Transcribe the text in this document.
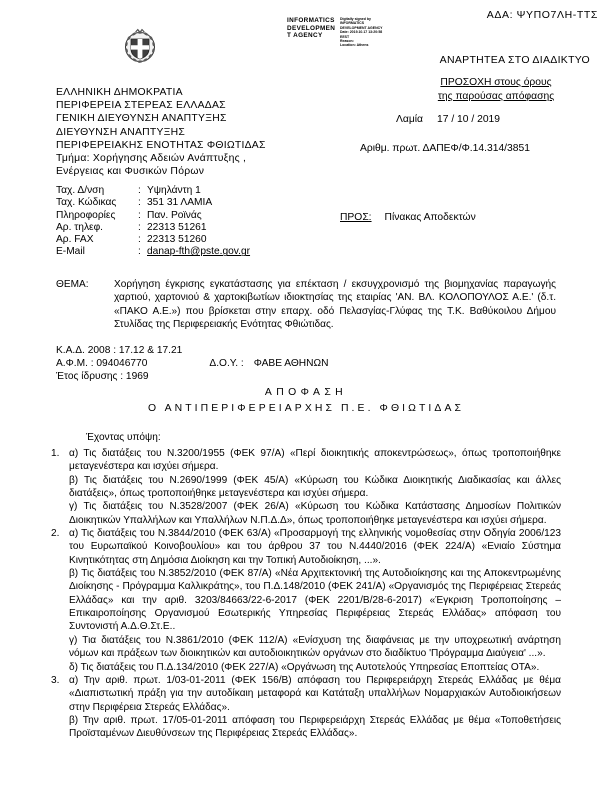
ΑΔΑ: ΨΥΠΟ7ΛΗ-ΤΤΣ
INFORMATICS
DEVELOPMEN
T AGENCY
Digitally signed by
INFORMATICS
DEVELOPMENT AGENCY
Date: 2019.10.17 13:20:58
EEST
Reason:
Location: Athens
ΑΝΑΡΤΗΤΕΑ ΣΤΟ ΔΙΑΔΙΚΤΥΟ
ΠΡΟΣΟΧΗ στους όρους
της παρούσας απόφασης
Λαμία 17 / 10 / 2019
Αριθμ. πρωτ. ΔΑΠΕΦ/Φ.14.314/3851
ΕΛΛΗΝΙΚΗ ΔΗΜΟΚΡΑΤΙΑ
ΠΕΡΙΦΕΡΕΙΑ ΣΤΕΡΕΑΣ ΕΛΛΑΔΑΣ
ΓΕΝΙΚΗ ΔΙΕΥΘΥΝΣΗ ΑΝΑΠΤΥΞΗΣ
ΔΙΕΥΘΥΝΣΗ ΑΝΑΠΤΥΞΗΣ
ΠΕΡΙΦΕΡΕΙΑΚΗΣ ΕΝΟΤΗΤΑΣ ΦΘΙΩΤΙΔΑΣ
Τμήμα: Χορήγησης Αδειών Ανάπτυξης ,
Ενέργειας και Φυσικών Πόρων
Ταχ. Δ/νση	:	Υψηλάντη 1
Ταχ. Κώδικας	:	351 31 ΛΑΜΙΑ
Πληροφορίες	:	Παν. Ροϊνάς
Αρ. τηλεφ.	:	22313 51261
Αρ. FAX	:	22313 51260
E-Mail	:	danap-fth@pste.gov.gr
ΠΡΟΣ: Πίνακας Αποδεκτών
ΘΕΜΑ:	Χορήγηση έγκρισης εγκατάστασης για επέκταση / εκσυγχρονισμό της βιομηχανίας παραγωγής χαρτιού, χαρτονιού & χαρτοκιβωτίων ιδιοκτησίας της εταιρίας 'ΑΝ. ΒΛ. ΚΟΛΟΠΟΥΛΟΣ Α.Ε.' (δ.τ. «ΠΑΚΟ Α.Ε.») που βρίσκεται στην επαρχ. οδό Πελασγίας-Γλύφας της Τ.Κ. Βαθύκοιλου Δήμου Στυλίδας της Περιφερειακής Ενότητας Φθιώτιδας.
Κ.Α.Δ. 2008 : 17.12 & 17.21
Α.Φ.Μ. : 094046770	Δ.Ο.Υ. : ΦΑΒΕ ΑΘΗΝΩΝ
Έτος ίδρυσης : 1969
ΑΠΟΦΑΣΗ
Ο ΑΝΤΙΠΕΡΙΦΕΡΕΙΑΡΧΗΣ Π.Ε. ΦΘΙΩΤΙΔΑΣ
Έχοντας υπόψη:
1. α) Τις διατάξεις του Ν.3200/1955 (ΦΕΚ 97/Α) «Περί διοικητικής αποκεντρώσεως», όπως τροποποιήθηκε μεταγενέστερα και ισχύει σήμερα.
β) Τις διατάξεις του Ν.2690/1999 (ΦΕΚ 45/Α) «Κύρωση του Κώδικα Διοικητικής Διαδικασίας και άλλες διατάξεις», όπως τροποποιήθηκε μεταγενέστερα και ισχύει σήμερα.
γ) Τις διατάξεις του Ν.3528/2007 (ΦΕΚ 26/Α) «Κύρωση του Κώδικα Κατάστασης Δημοσίων Πολιτικών Διοικητικών Υπαλλήλων και Υπαλλήλων Ν.Π.Δ.Δ», όπως τροποποιήθηκε μεταγενέστερα και ισχύει σήμερα.
2. α) Τις διατάξεις του Ν.3844/2010 (ΦΕΚ 63/Α) «Προσαρμογή της ελληνικής νομοθεσίας στην Οδηγία 2006/123 του Ευρωπαϊκού Κοινοβουλίου» και του άρθρου 37 του Ν.4440/2016 (ΦΕΚ 224/Α) «Ενιαίο Σύστημα Κινητικότητας στη Δημόσια Διοίκηση και την Τοπική Αυτοδιοίκηση, ...».
β) Τις διατάξεις του Ν.3852/2010 (ΦΕΚ 87/Α) «Νέα Αρχιτεκτονική της Αυτοδιοίκησης και της Αποκεντρωμένης Διοίκησης - Πρόγραμμα Καλλικράτης», του Π.Δ.148/2010 (ΦΕΚ 241/Α) «Οργανισμός της Περιφέρειας Στερεάς Ελλάδας» και την αριθ. 3203/84663/22-6-2017 (ΦΕΚ 2201/Β/28-6-2017) «Έγκριση Τροποποίησης – Επικαιροποίησης Οργανισμού Εσωτερικής Υπηρεσίας Περιφέρειας Στερεάς Ελλάδας» απόφαση του Συντονιστή Α.Δ.Θ.Στ.Ε..
γ) Τια διατάξεις του Ν.3861/2010 (ΦΕΚ 112/Α) «Ενίσχυση της διαφάνειας με την υποχρεωτική ανάρτηση νόμων και πράξεων των διοικητικών και αυτοδιοικητικών οργάνων στο διαδίκτυο 'Πρόγραμμα Διαύγεια' ...».
δ) Τις διατάξεις του Π.Δ.134/2010 (ΦΕΚ 227/Α) «Οργάνωση της Αυτοτελούς Υπηρεσίας Εποπτείας ΟΤΑ».
3. α) Την αριθ. πρωτ. 1/03-01-2011 (ΦΕΚ 156/Β) απόφαση του Περιφερειάρχη Στερεάς Ελλάδας με θέμα «Διαπιστωτική πράξη για την αυτοδίκαιη μεταφορά και Κατάταξη υπαλλήλων Νομαρχιακών Αυτοδιοικήσεων στην Περιφέρεια Στερεάς Ελλάδας».
β) Την αριθ. πρωτ. 17/05-01-2011 απόφαση του Περιφερειάρχη Στερεάς Ελλάδας με θέμα «Τοποθετήσεις Προϊσταμένων Διευθύνσεων της Περιφέρειας Στερεάς Ελλάδας».
